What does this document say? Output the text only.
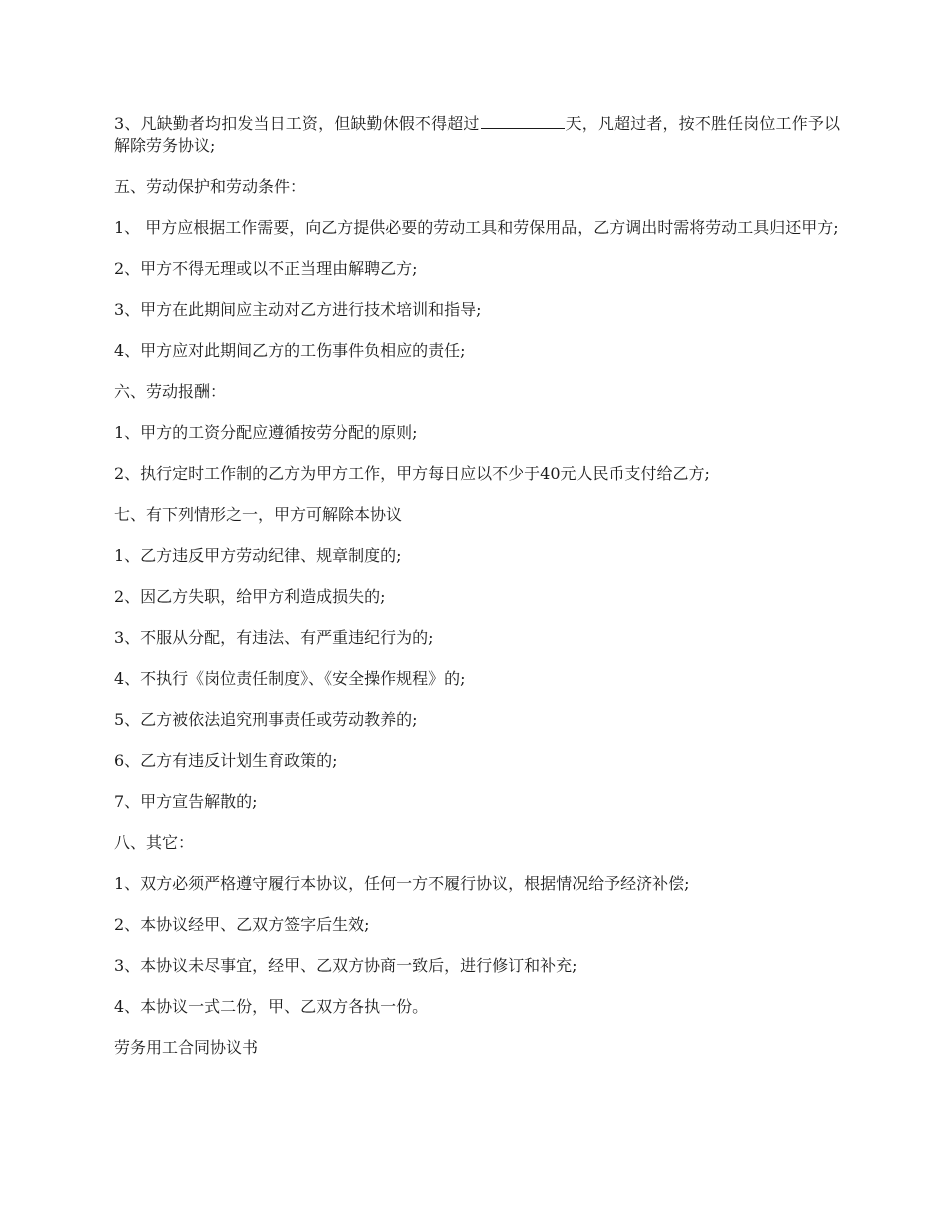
3、凡缺勤者均扣发当日工资，但缺勤休假不得超过	天，凡超过者，按不胜任岗位工作予以解除劳务协议;

五、劳动保护和劳动条件：

1、 甲方应根据工作需要，向乙方提供必要的劳动工具和劳保用品，乙方调出时需将劳动工具归还甲方;

2、甲方不得无理或以不正当理由解聘乙方;

3、甲方在此期间应主动对乙方进行技术培训和指导;

4、甲方应对此期间乙方的工伤事件负相应的责任;

六、劳动报酬：

1、甲方的工资分配应遵循按劳分配的原则;

2、执行定时工作制的乙方为甲方工作，甲方每日应以不少于40元人民币支付给乙方;

七、有下列情形之一，甲方可解除本协议

1、乙方违反甲方劳动纪律、规章制度的;

2、因乙方失职，给甲方利造成损失的;

3、不服从分配，有违法、有严重违纪行为的;

4、不执行《岗位责任制度》、《安全操作规程》的;

5、乙方被依法追究刑事责任或劳动教养的;

6、乙方有违反计划生育政策的;

7、甲方宣告解散的;

八、其它：

1、双方必须严格遵守履行本协议，任何一方不履行协议，根据情况给予经济补偿;

2、本协议经甲、乙双方签字后生效;

3、本协议未尽事宜，经甲、乙双方协商一致后，进行修订和补充;

4、本协议一式二份，甲、乙双方各执一份。

劳务用工合同协议书
